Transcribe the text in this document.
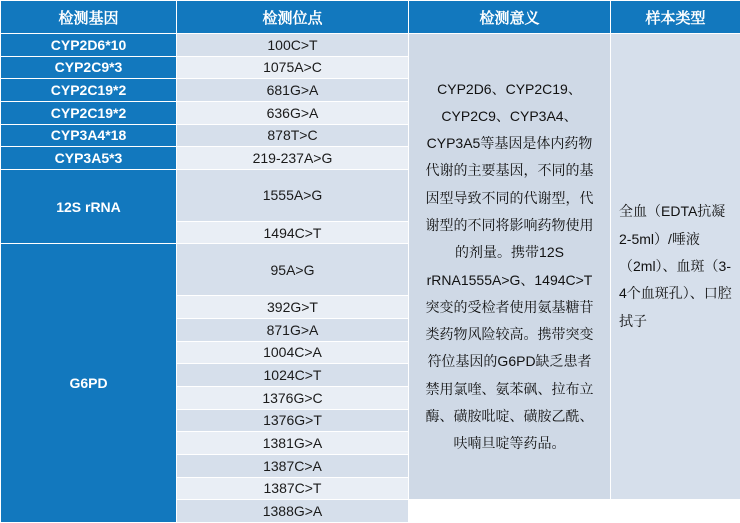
检测基因	检测位点	检测意义	样本类型
CYP2D6*10	100C>T	CYP2D6、CYP2C19、CYP2C9、CYP3A4、CYP3A5等基因是体内药物代谢的主要基因，不同的基因型导致不同的代谢型，代谢型的不同将影响药物使用的剂量。携带12S rRNA1555A>G、1494C>T突变的受检者使用氨基糖苷类药物风险较高。携带突变符位基因的G6PD缺乏患者禁用氯喹、氨苯砜、拉布立酶、磺胺吡啶、磺胺乙酰、呋喃旦啶等药品。	全血（EDTA抗凝2-5ml）/唾液（2ml）、血斑（3-4个血斑孔）、口腔拭子

CYP2C9*3	1075A>C		
CYP2C19*2	681G>A		
CYP2C19*2	636G>A		
CYP3A4*18	878T>C		
CYP3A5*3	219-237A>G		
12S rRNA	1555A>G		
	1494C>T		
G6PD	95A>G		
	392G>T		
	871G>A		
	1004C>A		
	1024C>T		
	1376G>C		
	1376G>T		
	1381G>A		
	1387C>A		
	1387C>T		
	1388G>A		
